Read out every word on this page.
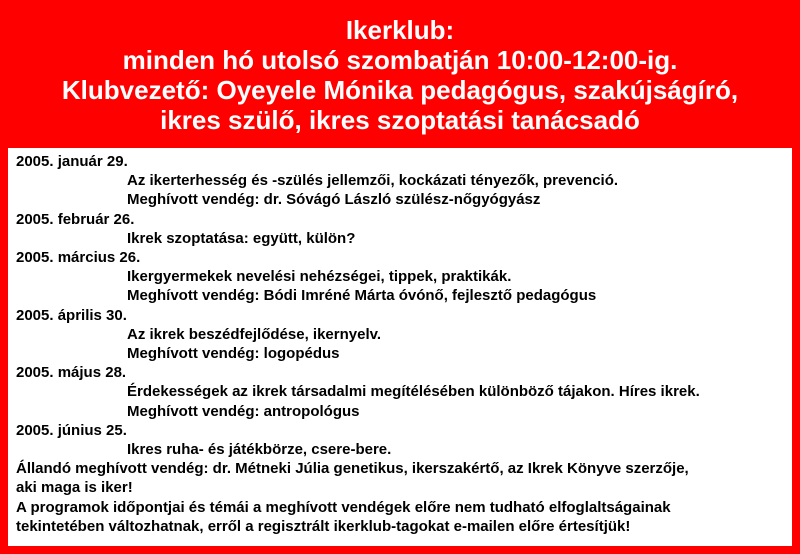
Ikerklub:
minden hó utolsó szombatján 10:00-12:00-ig.
Klubvezető: Oyeyele Mónika pedagógus, szakújságíró,
ikres szülő, ikres szoptatási tanácsadó
2005. január 29.
Az ikerterhesség és -szülés jellemzői, kockázati tényezők, prevenció.
Meghívott vendég: dr. Sóvágó László szülész-nőgyógyász
2005. február 26.
Ikrek szoptatása: együtt, külön?
2005. március 26.
Ikergyermekek nevelési nehézségei, tippek, praktikák.
Meghívott vendég: Bódi Imréné Márta óvónő, fejlesztő pedagógus
2005. április 30.
Az ikrek beszédfejlődése, ikernyelv.
Meghívott vendég: logopédus
2005. május 28.
Érdekességek az ikrek társadalmi megítélésében különböző tájakon. Híres ikrek.
Meghívott vendég: antropológus
2005. június 25.
Ikres ruha- és játékbörze, csere-bere.
Állandó meghívott vendég: dr. Métneki Júlia genetikus, ikerszakértő, az Ikrek Könyve szerzője,
aki maga is iker!
A programok időpontjai és témái a meghívott vendégek előre nem tudható elfoglaltságainak
tekintetében változhatnak, erről a regisztrált ikerklub-tagokat e-mailen előre értesítjük!
